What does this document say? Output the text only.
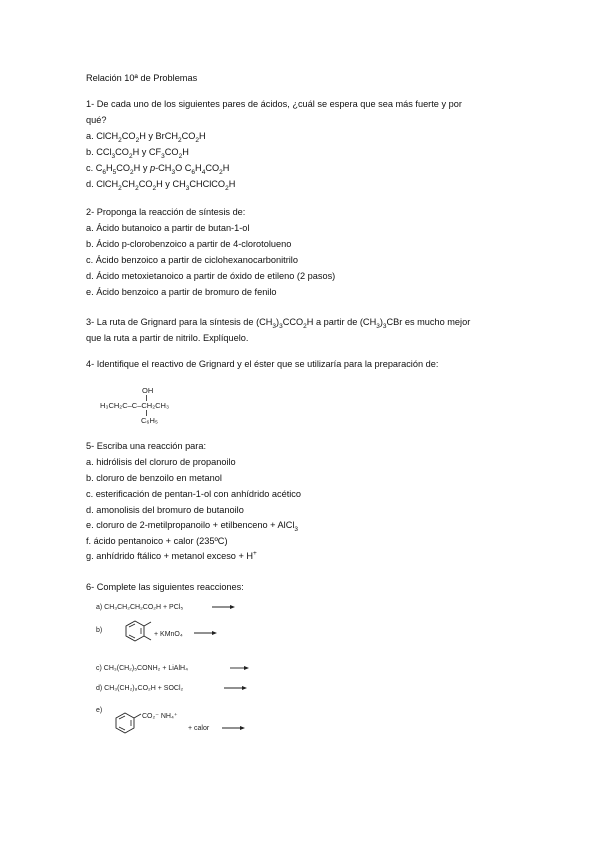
Relación 10ª de Problemas
1- De cada uno de los siguientes pares de ácidos, ¿cuál se espera que sea más fuerte y por
qué?
a. $ClCH_2CO_2H$ y $BrCH_2CO_2H$
b. $CCl_3CO_2H$ y $CF_3CO_2H$
c. $C_6H_5CO_2H$ y $p-CH_3O$ $C_6H_4CO_2H$
d. $ClCH_2CH_2CO_2H$ y $CH_3CHClCO_2H$
2- Proponga la reacción de síntesis de:
a. Ácido butanoico a partir de butan-1-ol
b. Ácido p-clorobenzoico a partir de 4-clorotolueno
c. Ácido benzoico a partir de ciclohexanocarbonitrilo
d. Ácido metoxietanoico a partir de óxido de etileno (2 pasos)
e. Ácido benzoico a partir de bromuro de fenilo
3- La ruta de Grignard para la síntesis de $(CH_3)_3CCO_2H$ a partir de $(CH_3)_3CBr$ es mucho mejor
que la ruta a partir de nitrilo. Explíquelo.
4- Identifique el reactivo de Grignard y el éster que se utilizaría para la preparación de:
OH
H₃CH₂C–C–CH₂CH₃
C₆H₅
5- Escriba una reacción para:
a. hidrólisis del cloruro de propanoilo
b. cloruro de benzoilo en metanol
c. esterificación de pentan-1-ol con anhídrido acético
d. amonolisis del bromuro de butanoilo
e. cloruro de 2-metilpropanoilo + etilbenceno + AlCl$_3$
f. ácido pentanoico + calor (235ºC)
g. anhídrido ftálico + metanol exceso + H+
6- Complete las siguientes reacciones:
a) CH₃CH₂CH₂CO₂H + PCl₅
b)
+ KMnO₄
c) CH₃(CH₂)₅CONH₂ + LiAlH₄
d) CH₃(CH₂)₈CO₂H + SOCl₂
e)
CO₂⁻ NH₄⁺
+ calor
